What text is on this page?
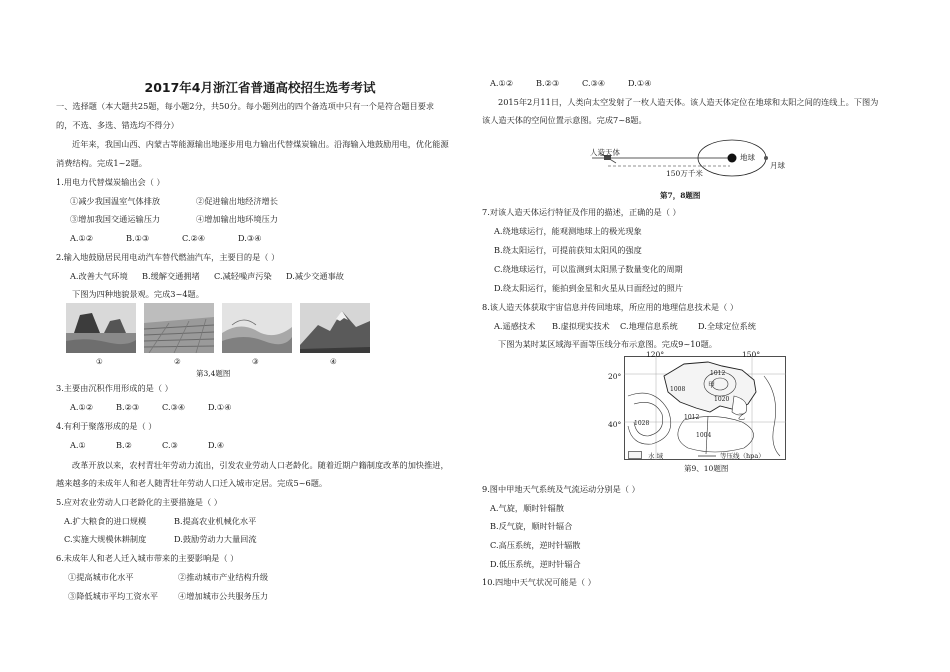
2017年4月浙江省普通高校招生选考考试
一、选择题（本大题共25题，每小题2分，共50分。每小题列出的四个备选项中只有一个是符合题目要求
的，不选、多选、错选均不得分）
近年来，我国山西、内蒙古等能源输出地逐步用电力输出代替煤炭输出。沿海输入地鼓励用电，优化能源
消费结构。完成1~2题。
1.用电力代替煤炭输出会（ ）
①减少我国温室气体排放	②促进输出地经济增长
③增加我国交通运输压力	④增加输出地环境压力
A.①②	B.①③	C.②④	D.③④
2.输入地鼓励居民用电动汽车替代燃油汽车，主要目的是（ ）
A.改善大气环境 B.缓解交通拥堵 C.减轻噪声污染 D.减少交通事故
下图为四种地貌景观。完成3~4题。
①	②	③	④
第3,4题图
3.主要由沉积作用形成的是（ ）
A.①②	B.②③	C.③④	D.①④
4.有利于聚落形成的是（ ）
A.①	B.②	C.③	D.④
改革开放以来，农村青壮年劳动力流出，引发农业劳动人口老龄化。随着近期户籍制度改革的加快推进，
越来越多的未成年人和老人随青壮年劳动人口迁入城市定居。完成5~6题。
5.应对农业劳动人口老龄化的主要措施是（ ）
A.扩大粮食的进口规模	B.提高农业机械化水平
C.实施大规模休耕制度	D.鼓励劳动力大量回流
6.未成年人和老人迁入城市带来的主要影响是（ ）
①提高城市化水平	②推动城市产业结构升级
③降低城市平均工资水平 ④增加城市公共服务压力
A.①②	B.②③	C.③④	D.①④
2015年2月11日，人类向太空发射了一枚人造天体。该人造天体定位在地球和太阳之间的连线上。下图为
该人造天体的空间位置示意图。完成7~8题。
人造天体
地球
月球
150万千米
第7，8题图
7.对该人造天体运行特征及作用的描述，正确的是（ ）
A.绕地球运行，能观测地球上的极光现象
B.绕太阳运行，可提前获知太阳风的强度
C.绕地球运行，可以监测到太阳黑子数量变化的周期
D.绕太阳运行，能拍到金星和火星从日面经过的照片
8.该人造天体获取宇宙信息并传回地球，所应用的地理信息技术是（ ）
A.遥感技术 B.虚拟现实技术 C.地理信息系统 D.全球定位系统
下图为某时某区域海平面等压线分布示意图。完成9~10题。
120°	150°
20°
40°
1012
1008
1020
1004
1012
1028
甲
乙
水 域	等压线（hpa）
第9、10题图
9.图中甲地天气系统及气流运动分别是（ ）
A.气旋，顺时针辐散
B.反气旋，顺时针辐合
C.高压系统，逆时针辐散
D.低压系统，逆时针辐合
10.四地中天气状况可能是（ ）
